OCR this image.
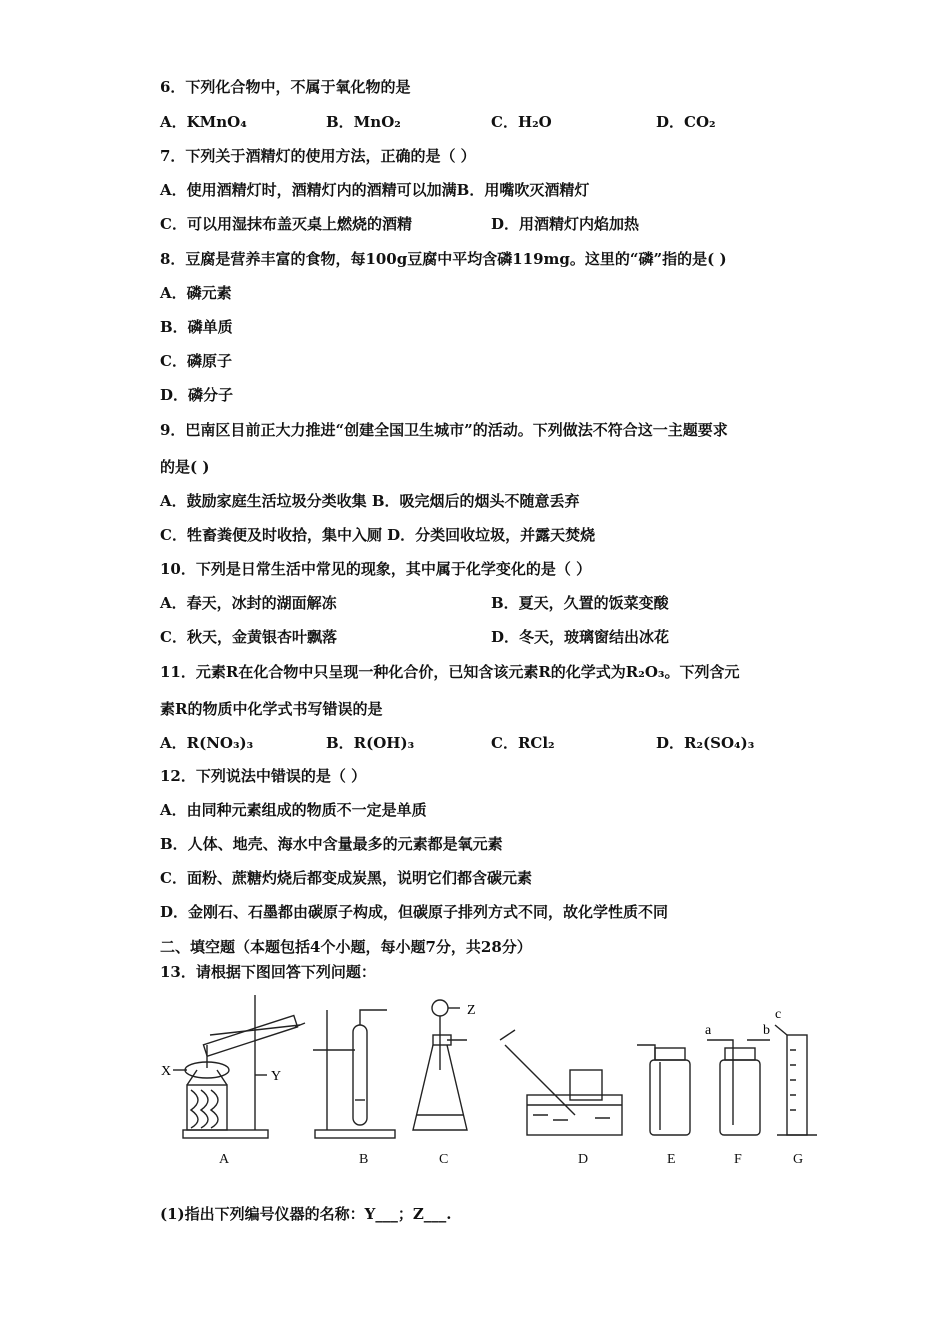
6．下列化合物中，不属于氧化物的是
A．KMnO₄	B．MnO₂	C．H₂O	D．CO₂
7．下列关于酒精灯的使用方法，正确的是（ ）
A．使用酒精灯时，酒精灯内的酒精可以加满B．用嘴吹灭酒精灯
C．可以用湿抹布盖灭桌上燃烧的酒精	D．用酒精灯内焰加热
8．豆腐是营养丰富的食物，每100g豆腐中平均含磷119mg。这里的“磷”指的是( )
A．磷元素
B．磷单质
C．磷原子
D．磷分子
9．巴南区目前正大力推进“创建全国卫生城市”的活动。下列做法不符合这一主题要求
的是( )
A．鼓励家庭生活垃圾分类收集 B．吸完烟后的烟头不随意丢弃
C．牲畜粪便及时收拾，集中入厕 D．分类回收垃圾，并露天焚烧
10．下列是日常生活中常见的现象，其中属于化学变化的是（ ）
A．春天，冰封的湖面解冻	B．夏天，久置的饭菜变酸
C．秋天，金黄银杏叶飘落	D．冬天，玻璃窗结出冰花
11．元素R在化合物中只呈现一种化合价，已知含该元素R的化学式为R₂O₃。下列含元
素R的物质中化学式书写错误的是
A．R(NO₃)₃	B．R(OH)₃	C．RCl₂	D．R₂(SO₄)₃
12．下列说法中错误的是（ ）
A．由同种元素组成的物质不一定是单质
B．人体、地壳、海水中含量最多的元素都是氧元素
C．面粉、蔗糖灼烧后都变成炭黑，说明它们都含碳元素
D．金刚石、石墨都由碳原子构成，但碳原子排列方式不同，故化学性质不同
二、填空题（本题包括4个小题，每小题7分，共28分）
13．请根据下图回答下列问题：
X	Y
Z
a	b
c
A	B	C	D	E	F	G
(1)指出下列编号仪器的名称：Y___；Z___.
